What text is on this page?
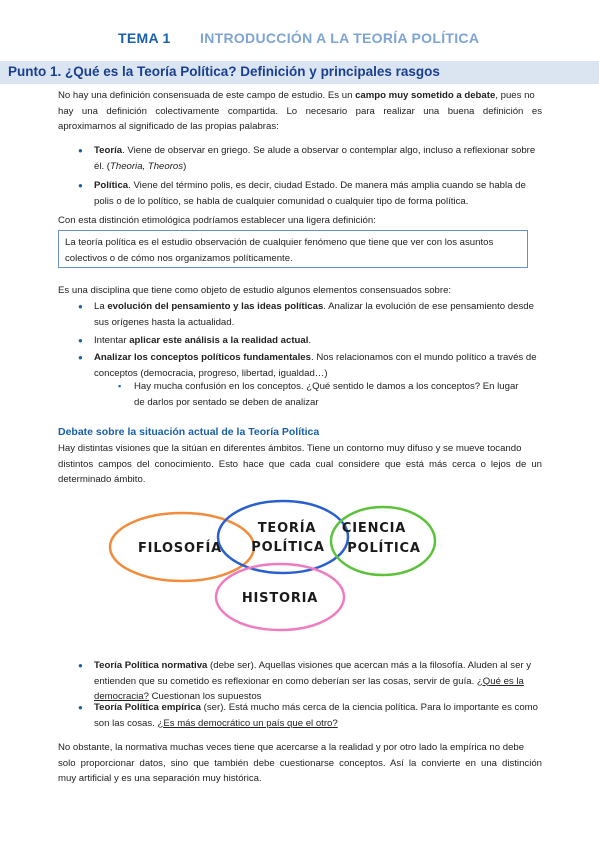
TEMA 1 INTRODUCCIÓN A LA TEORÍA POLÍTICA
Punto 1. ¿Qué es la Teoría Política? Definición y principales rasgos

No hay una definición consensuada de este campo de estudio. Es un campo muy sometido a debate, pues no

hay una definición colectivamente compartida. Lo necesario para realizar una buena definición es

aproximarnos al significado de las propias palabras:

● Teoría. Viene de observar en griego. Se alude a observar o contemplar algo, incluso a reflexionar sobre

él. (Theoria, Theoros)

● Política. Viene del término polis, es decir, ciudad Estado. De manera más amplia cuando se habla de

polis o de lo político, se habla de cualquier comunidad o cualquier tipo de forma política.

Con esta distinción etimológica podríamos establecer una ligera definición:

La teoría política es el estudio observación de cualquier fenómeno que tiene que ver con los asuntos

colectivos o de cómo nos organizamos políticamente.

Es una disciplina que tiene como objeto de estudio algunos elementos consensuados sobre:

● La evolución del pensamiento y las ideas políticas. Analizar la evolución de ese pensamiento desde

sus orígenes hasta la actualidad.

● Intentar aplicar este análisis a la realidad actual.

● Analizar los conceptos políticos fundamentales. Nos relacionamos con el mundo político a través de

conceptos (democracia, progreso, libertad, igualdad…)

▪ Hay mucha confusión en los conceptos. ¿Qué sentido le damos a los conceptos? En lugar

de darlos por sentado se deben de analizar

Debate sobre la situación actual de la Teoría Política

Hay distintas visiones que la sitúan en diferentes ámbitos. Tiene un contorno muy difuso y se mueve tocando

distintos campos del conocimiento. Esto hace que cada cual considere que está más cerca o lejos de un

determinado ámbito.

FILOSOFÍA
TEORÍA
POLÍTICA
CIENCIA
POLÍTICA
HISTORIA
● Teoría Política normativa (debe ser). Aquellas visiones que acercan más a la filosofía. Aluden al ser y

entienden que su cometido es reflexionar en como deberían ser las cosas, servir de guía. ¿Qué es la

democracia? Cuestionan los supuestos

● Teoría Política empírica (ser). Está mucho más cerca de la ciencia política. Para lo importante es como

son las cosas. ¿Es más democrático un país que el otro?

No obstante, la normativa muchas veces tiene que acercarse a la realidad y por otro lado la empírica no debe

solo proporcionar datos, sino que también debe cuestionarse conceptos. Así la convierte en una distinción

muy artificial y es una separación muy histórica.
